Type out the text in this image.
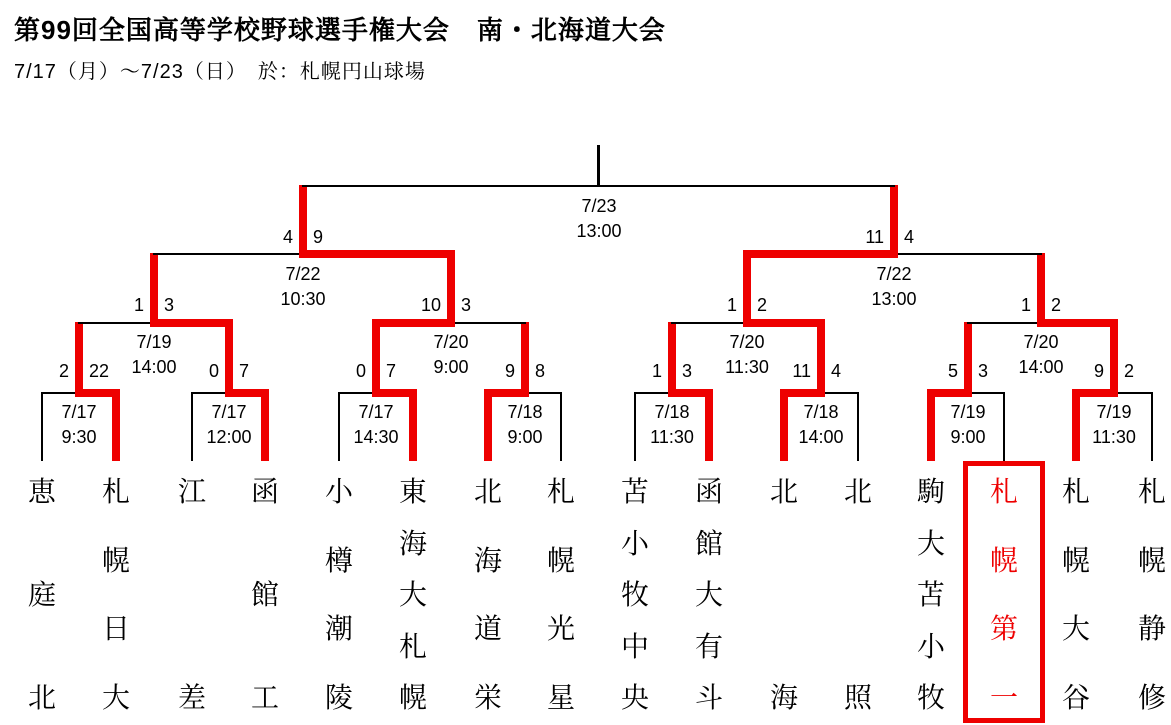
第99回全国高等学校野球選手権大会　南・北海道大会
7/17（月）～7/23（日）　於：札幌円山球場
7/17
9:30
2 22
7/17
12:00
0 7
7/17
14:30
0 7
7/18
9:00
9 8
7/18
11:30
1 3
7/18
14:00
11 4
7/19
9:00
5 3
7/19
11:30
9 2
7/19
14:00
1 3
7/20
9:00
10 3
7/20
11:30
1 2
7/20
14:00
1 2
7/22
10:30
4 9
7/22
13:00
11 4
7/23
13:00
恵
庭
北
札
幌
日
大
江
差
函
館
工
小
樽
潮
陵
東
海
大
札
幌
北
海
道
栄
札
幌
光
星
苫
小
牧
中
央
函
館
大
有
斗
北
海
北
照
駒
大
苫
小
牧
札
幌
第
一
札
幌
大
谷
札
幌
静
修
